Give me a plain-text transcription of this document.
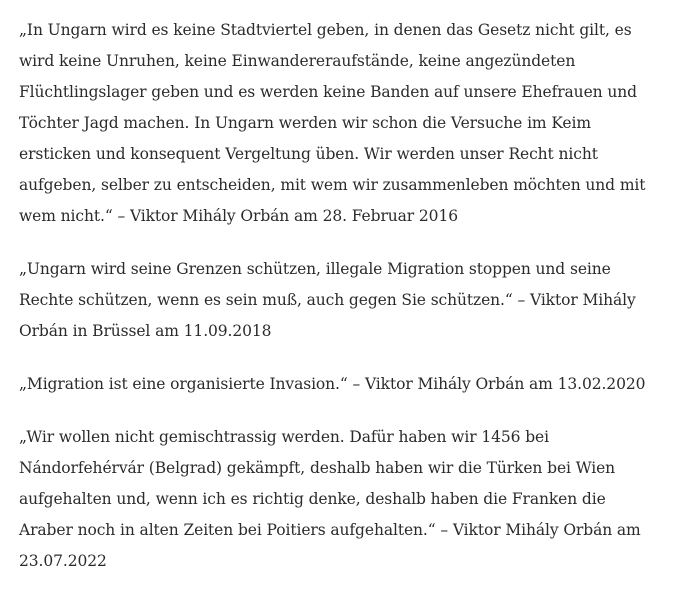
„In Ungarn wird es keine Stadtviertel geben, in denen das Gesetz nicht gilt, es wird keine Unruhen, keine Einwandereraufstände, keine angezündeten Flüchtlingslager geben und es werden keine Banden auf unsere Ehefrauen und Töchter Jagd machen. In Ungarn werden wir schon die Versuche im Keim ersticken und konsequent Vergeltung üben. Wir werden unser Recht nicht aufgeben, selber zu entscheiden, mit wem wir zusammenleben möchten und mit wem nicht.“ – Viktor Mihály Orbán am 28. Februar 2016

„Ungarn wird seine Grenzen schützen, illegale Migration stoppen und seine Rechte schützen, wenn es sein muß, auch gegen Sie schützen.“ – Viktor Mihály Orbán in Brüssel am 11.09.2018

„Migration ist eine organisierte Invasion.“ – Viktor Mihály Orbán am 13.02.2020

„Wir wollen nicht gemischtrassig werden. Dafür haben wir 1456 bei Nándorfehérvár (Belgrad) gekämpft, deshalb haben wir die Türken bei Wien aufgehalten und, wenn ich es richtig denke, deshalb haben die Franken die Araber noch in alten Zeiten bei Poitiers aufgehalten.“ – Viktor Mihály Orbán am 23.07.2022
